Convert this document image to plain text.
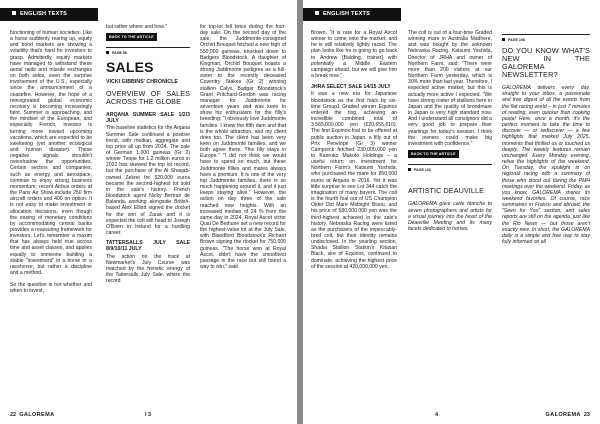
ENGLISH TEXTS

functioning of human societies. Like a horse suddenly rearing up, equity and bond markets are showing a volatility that's hard for investors to grasp. Admittedly, equity markets have managed to withstand these aerial raids and missile exchanges on both sides, even the surprise involvement of the U.S., especially since the announcement of a ceasefire. However, the hope of a reinvigorated global economic recovery is becoming increasingly faint. Summer is approaching, and the mindset of the European, and especially French, investor is turning more toward upcoming vacations, which are expected to be sweltering (yet another ecological and human disaster). These negative signals shouldn't overshadow the opportunities. Certain sectors and companies, such as energy and aerospace, continue to enjoy strong business momentum; recent Airbus orders at the Paris Air Show include 250 firm aircraft orders and 400 on option. It is not easy to make investment or allocation decisions, even though the easing of monetary conditions by accommodating central banks provides a reassuring framework for investors. Let's remember a maxim that has always held true across time and asset classes, and applies equally to someone building a stable "investment" in a horse or a racehorse, but rather a discipline and a method.

So the question is not whether and when to invest,

but rather where and how."

BACK TO THE ARTICLE
PAGE 96
SALES
VICKI GIBBINS' CHRONICLE
OVERVIEW OF SALES ACROSS THE GLOBE
ARQANA SUMMER SALE 1/2/3 JULY

The baseline statistics for the Arqana Summer Sale continued a positive trend, with median, aggregate and top price all up from 2024. The sale of German 1,000 guineas (Gr 2) winner Txope for 1.2 million euros in 2022 has skewed the top lot record, but the purchase of the Al Shaqab-owned Zekret for 520,000 euros became the second-highest lot sold in the sale's history. French bloodstock agent Nicky Bertran de Balanda, working alongside British-based Alex Elliott signed the docket for the son of Zarak and it is expected the colt will head to Joseph O'Brien in Ireland for a hurdling career.

TATTERSALLS JULY SALE 8/9/10/11 JULY

The action on the track at Newmarket's July Course was matched by the frenetic energy of the Tattersalls July Sale, where the record

for top-lot fell twice during the four-day sale. On the second day of the sale, the Juddmonte-consigned Orchid Bouquet fetched a new high of 550,000 guineas, knocked down to Badgers Bloodstock. A daughter of Kingman, Orchid Bouquet boasts a strong Juddmonte pedigree as a full-sister to the recently deceased Coventry Stakes (Gr 2) winning stallion Calyx. Badger Bloodstock's Grant Pritchard-Gordon was racing manager for Juddmonte for seventeen years and was keen to show his enthusiasm for the filly's breeding: "I obviously love Juddmonte families. I knew the fifth dam and that is the whole attraction, and my client does too. The client has been very keen on Juddmonte families, and we both agree there. This filly stays in Europe." "I did not think we would have to spend so much, but these Juddmonte fillies and mares always have a premium. It is one of the very top Juddmonte families, there is so much happening around it, and it just keeps staying alive." However, the action on day three of the sale reached new heights. With an increased median of 24 % from the same day in 2024, Royal Ascot victor Qual De Bethune set a new record for the highest-value lot at the July Sale, with Blandford Bloodstock's Richard Brown signing the docket for 750,000 guineas. "The horse won at Royal Ascot, didn't have the smoothest passage in the race but still found a way to win," said

22 GALOREMA	I 3
ENGLISH TEXTS

Brown. "It is rare for a Royal Ascot winner to come onto the market, and he is still relatively lightly raced. The plan looks like he is going to go back to Andrew [Balding, trainer] with potentially a Middle Eastern campaign ahead, but we will give him a break now."

JHRA SELECT SALE 14/15 JULY

It was a new era for Japanese bloodstock as the first foals by six-time Group1 Graded winner Equinox entered the ring, achieving an incredible combined total of 3,565,000,000 yen (€20,655,610). The first Equinox foal to be offered at public auction in Japan, a filly out of Prix Penelope (Gr 3) winner Campreck fetched 230,000,000 yen to Kaoruko Makoto Holdings – a useful return on investment for Northern Farm's Katsumi Yoshida, who purchased the mare for 850,000 euros at Arqana in 2016. Yet it was little surprise to see Lot 344 catch the imagination of many buyers. The colt is the fourth foal out of US Champion Older Dirt Mare Midnight Bisou, and his price of 580,000,000 yen was the third-highest achieved in the sale's history. Nebraska Racing were listed as the purchasers of the impeccably-bred colt, but their identity remains undisclosed. In the yearling section, Shadai Stallion Station's Kitasan Black, sire of Equinox, continued to dominate, achieving the highest price of the session at 420,000,000 yen.

The colt is out of a four-time Graded winning mare in Australia Madhere, and was bought by the unknown Nebraska Racing. Katsumi Yoshida, Director of JRHA and owner of Northern Farm, said: "There were more than 200 visitors at our Northern Farm yesterday, which is 30% more than last year. Therefore, I expected active market, but this is actually more active I expected. "We have strong roster of stallions here in Japan and the quality of broodmare in Japan is very high standard now. And I understand all consignors did a very good job to prepare their yearlings for today's session. I think the owners could make big investment with confidence."

BACK TO THE ARTICLE
PAGE 100
ARTISTIC DEAUVILLE

GALOREMA gave carte blanche to seven photographers and artists for a visual journey into the heart of the Deauville Meeting and its many facets dedicated to horses.

PAGE 108
DO YOU KNOW WHAT'S NEW IN THE GALOREMA NEWSLETTER?

GALOREMA delivers every day, straight to your inbox, a passionate and free digest of all the events from the flat racing world – in just 7 minutes of reading, even quicker than cooking pasta! Here, once a month, it's the perfect moment to take the time to discover — or rediscover — a few highlights that marked July 2025, moments that thrilled us or touched us deeply. The weekly features remain unchanged. Every Monday evening, relive the highlights of the weekend. On Tuesday, the spotlight is on regional racing with a summary of those who stood out during the PMH meetings over the weekend. Friday, as you know, GALOREMA shares its weekend favorites. Of course, race summaries in France and abroad, the "Seen for You" section, and sales reports are still on the agenda, just like the Rio News — but those aren't exactly new. In short, the GALOREMA daily is a simple and free way to stay fully informed on all

4	GALOREMA 23
